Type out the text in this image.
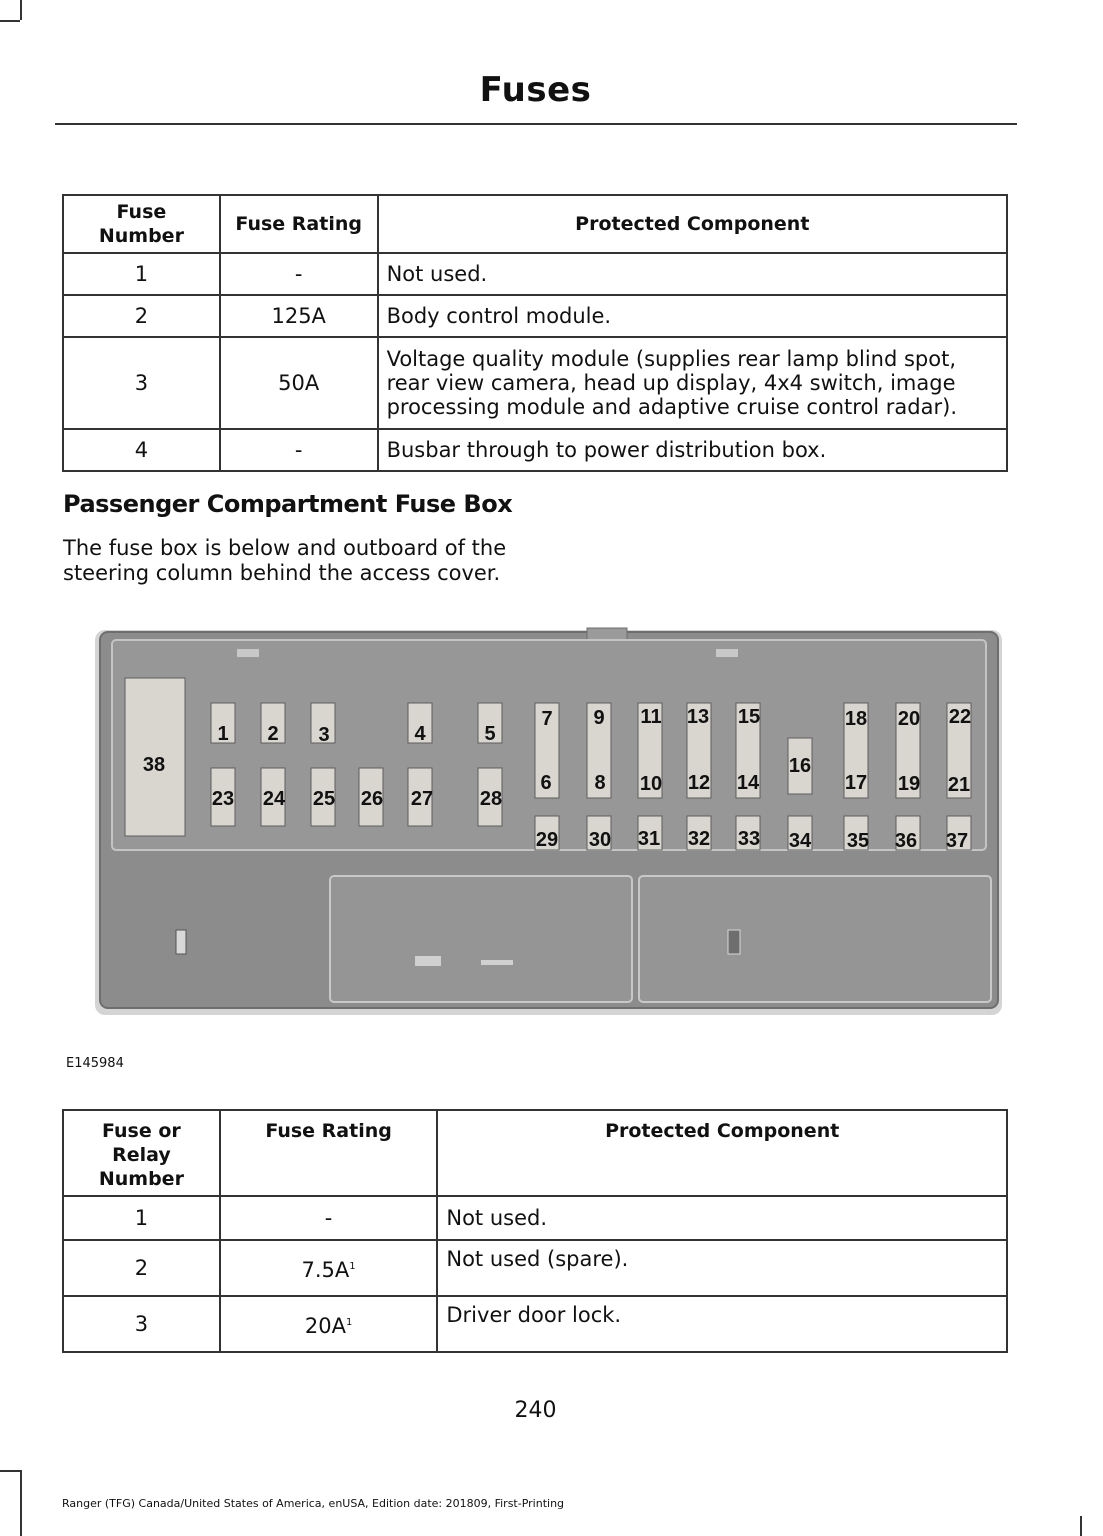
Fuses
Fuse Number	Fuse Rating	Protected Component
1	-	Not used.
2	125A	Body control module.
3	50A	Voltage quality module (supplies rear lamp blind spot, rear view camera, head up display, 4x4 switch, image processing module and adaptive cruise control radar).
4	-	Busbar through to power distribution box.
Passenger Compartment Fuse Box

The fuse box is below and outboard of the steering column behind the access cover.

38
1 2 3	4	5
23 24 25 26 27 28
7 9 11 13 15
16
18 20 22
6 8 10 12 14	17 19 21
29 30 31 32 33 34 35 36 37

E145984

Fuse or Relay Number	Fuse Rating	Protected Component
1	-	Not used.
2	$7.5A^1$	Not used (spare).
3	$20A^1$	Driver door lock.

240

Ranger (TFG) Canada/United States of America, enUSA, Edition date: 201809, First-Printing
